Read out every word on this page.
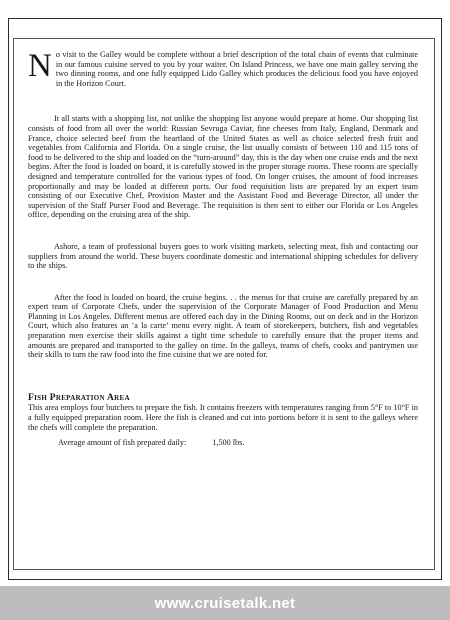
No visit to the Galley would be complete without a brief description of the total chain of events that culminate in our famous cuisine served to you by your waiter. On Island Princess, we have one main galley serving the two dinning rooms, and one fully equipped Lido Galley which produces the delicious food you have enjoyed in the Horizon Court.

It all starts with a shopping list, not unlike the shopping list anyone would prepare at home. Our shopping list consists of food from all over the world: Russian Sevruga Caviar, fine cheeses from Italy, England, Denmark and France, choice selected beef from the heartland of the United States as well as choice selected fresh fruit and vegetables from California and Florida. On a single cruise, the list usually consists of between 110 and 115 tons of food to be delivered to the ship and loaded on the “turn-around” day, this is the day when one cruise ends and the next begins. After the food is loaded on board, it is carefully stowed in the proper storage rooms. These rooms are specially designed and temperature controlled for the various types of food. On longer cruises, the amount of food increases proportionally and may be loaded at different ports. Our food requisition lists are prepared by an expert team consisting of our Executive Chef, Provision Master and the Assistant Food and Beverage Director, all under the supervision of the Staff Purser Food and Beverage. The requisition is then sent to either our Florida or Los Angeles office, depending on the cruising area of the ship.

Ashore, a team of professional buyers goes to work visiting markets, selecting meat, fish and contacting our suppliers from around the world. These buyers coordinate domestic and international shipping schedules for delivery to the ships.

After the food is loaded on board, the cruise begins. . . the menus for that cruise are carefully prepared by an expert team of Corporate Chefs, under the supervision of the Corporate Manager of Food Production and Menu Planning in Los Angeles. Different menus are offered each day in the Dining Rooms, out on deck and in the Horizon Court, which also features an ‘a la carte’ menu every night. A team of storekeepers, butchers, fish and vegetables preparation men exercise their skills against a tight time schedule to carefully ensure that the proper items and amounts are prepared and transported to the galley on time. In the galleys, teams of chefs, cooks and pantrymen use their skills to turn the raw food into the fine cuisine that we are noted for.

Fish Preparation Area

This area employs four butchers to prepare the fish. It contains freezers with temperatures ranging from 5°F to 10°F in a fully equipped preparation room. Here the fish is cleaned and cut into portions before it is sent to the galleys where the chefs will complete the preparation.

Average amount of fish prepared daily:	1,500 lbs.
www.cruisetalk.net
